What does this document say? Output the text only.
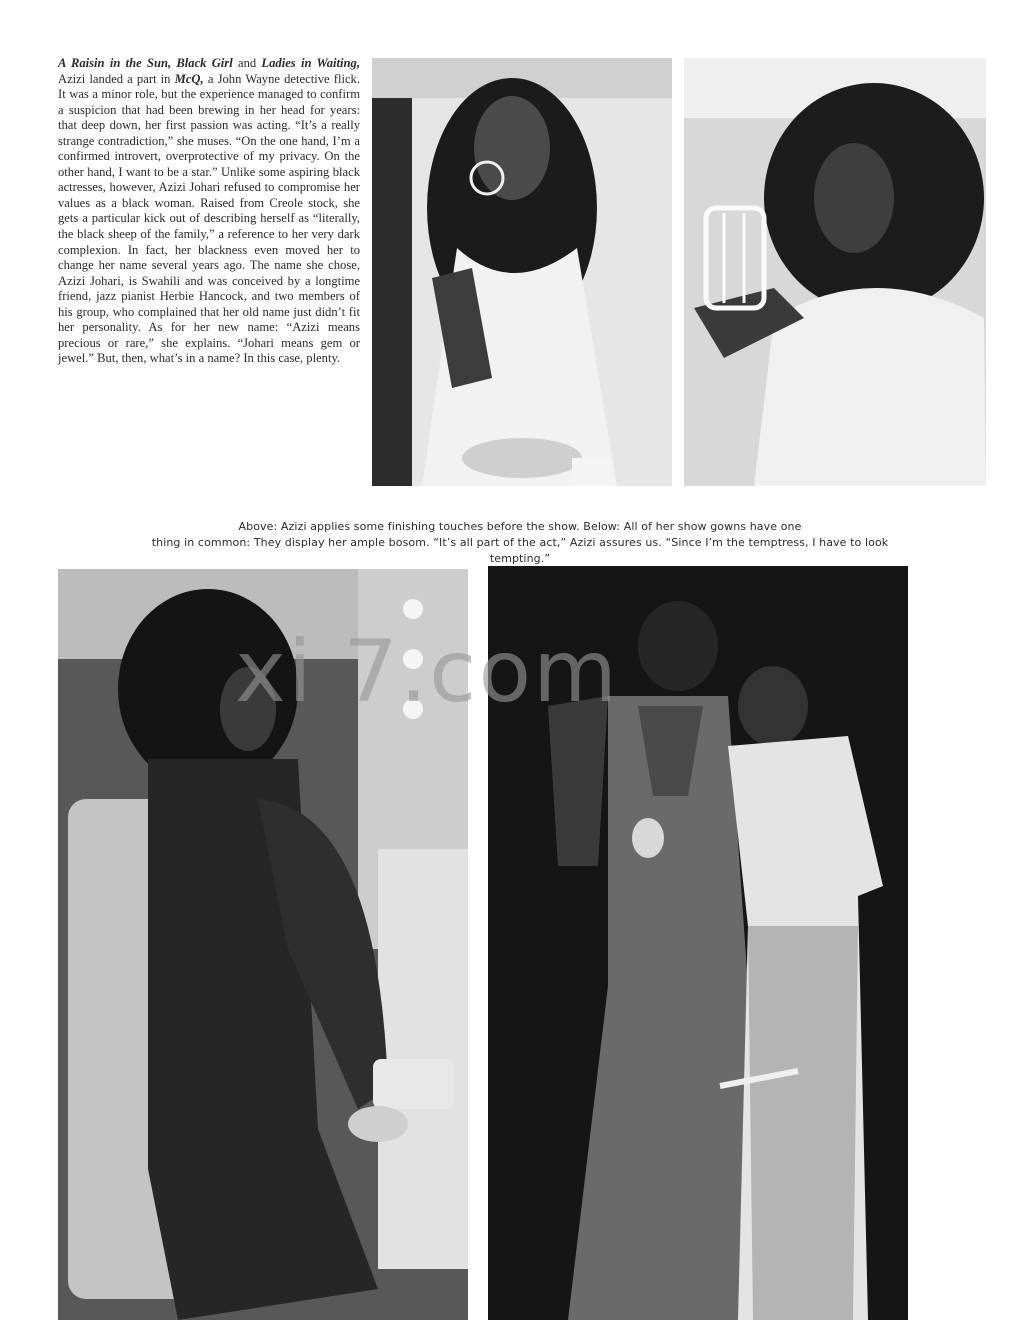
A Raisin in the Sun, Black Girl and Ladies in Waiting, Azizi landed a part in McQ, a John Wayne detective flick. It was a minor role, but the experience managed to confirm a suspicion that had been brewing in her head for years: that deep down, her first passion was acting. “It’s a really strange contradiction,” she muses. “On the one hand, I’m a confirmed introvert, overprotective of my privacy. On the other hand, I want to be a star.” Unlike some aspiring black actresses, however, Azizi Johari refused to compromise her values as a black woman. Raised from Creole stock, she gets a particular kick out of describing herself as “literally, the black sheep of the family,” a reference to her very dark complexion. In fact, her blackness even moved her to change her name several years ago. The name she chose, Azizi Johari, is Swahili and was conceived by a longtime friend, jazz pianist Herbie Hancock, and two members of his group, who complained that her old name just didn’t fit her personality. As for her new name: “Azizi means precious or rare,” she explains. “Johari means gem or jewel.” But, then, what’s in a name? In this case, plenty.
Above: Azizi applies some finishing touches before the show. Below: All of her show gowns have one
thing in common: They display her ample bosom. “It’s all part of the act,” Azizi assures us. “Since I’m the temptress, I have to look tempting.”
xi 7.com
